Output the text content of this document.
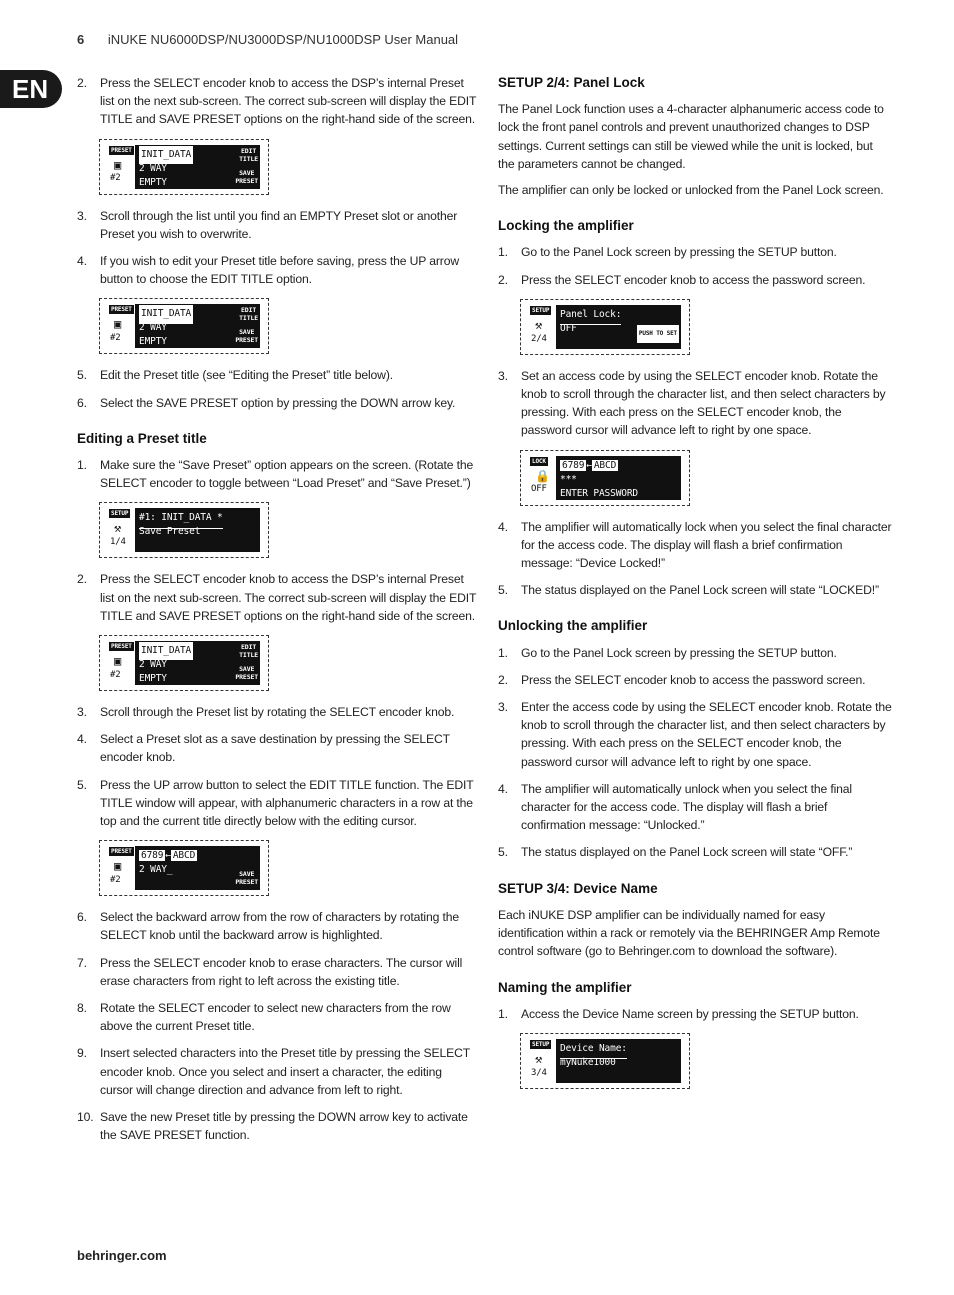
6 iNUKE NU6000DSP/NU3000DSP/NU1000DSP User Manual
EN	2.	Press the SELECT encoder knob to access the DSP’s internal Preset list on the next sub-screen. The correct sub-screen will display the EDIT TITLE and SAVE PRESET options on the right-hand side of the screen.
PRESET
▣
#2
INIT_DATA
2 WAY
EMPTY
EDIT
TITLE
SAVE
PRESET
3.	Scroll through the list until you find an EMPTY Preset slot or another Preset you wish to overwrite.
4.	If you wish to edit your Preset title before saving, press the UP arrow button to choose the EDIT TITLE option.
PRESET
▣
#2
INIT_DATA
2 WAY
EMPTY
EDIT
TITLE
SAVE
PRESET
5.	Edit the Preset title (see “Editing the Preset” title below).
6.	Select the SAVE PRESET option by pressing the DOWN arrow key.
Editing a Preset title
1.	Make sure the “Save Preset” option appears on the screen. (Rotate the SELECT encoder to toggle between “Load Preset” and “Save Preset.”)
SETUP
⚒
1/4
#1: INIT_DATA *
Save Preset
2.	Press the SELECT encoder knob to access the DSP’s internal Preset list on the next sub-screen. The correct sub-screen will display the EDIT TITLE and SAVE PRESET options on the right-hand side of the screen.
PRESET
▣
#2
INIT_DATA
2 WAY
EMPTY
EDIT
TITLE
SAVE
PRESET
3.	Scroll through the Preset list by rotating the SELECT encoder knob.
4.	Select a Preset slot as a save destination by pressing the SELECT encoder knob.
5.	Press the UP arrow button to select the EDIT TITLE function. The EDIT TITLE window will appear, with alphanumeric characters in a row at the top and the current title directly below with the editing cursor.
PRESET
▣
#2
6789 ← ABCD
2 WAY_	SAVE
PRESET
6.	Select the backward arrow from the row of characters by rotating the SELECT knob until the backward arrow is highlighted.
7.	Press the SELECT encoder knob to erase characters. The cursor will erase characters from right to left across the existing title.
8.	Rotate the SELECT encoder to select new characters from the row above the current Preset title.
9.	Insert selected characters into the Preset title by pressing the SELECT encoder knob. Once you select and insert a character, the editing cursor will change direction and advance from left to right.
10. Save the new Preset title by pressing the DOWN arrow key to activate the SAVE PRESET function.
SETUP 2/4: Panel Lock

The Panel Lock function uses a 4-character alphanumeric access code to lock the front panel controls and prevent unauthorized changes to DSP settings. Current settings can still be viewed while the unit is locked, but the parameters cannot be changed.

The amplifier can only be locked or unlocked from the Panel Lock screen.

Locking the amplifier
1.	Go to the Panel Lock screen by pressing the SETUP button.
2.	Press the SELECT encoder knob to access the password screen.
SETUP
⚒
2/4
Panel Lock:
OFF	PUSH TO SET
3.	Set an access code by using the SELECT encoder knob. Rotate the knob to scroll through the character list, and then select characters by pressing. With each press on the SELECT encoder knob, the password cursor will advance left to right by one space.
LOCK
🔒
OFF
6789 ← ABCD
***
ENTER PASSWORD
4.	The amplifier will automatically lock when you select the final character for the access code. The display will flash a brief confirmation message: “Device Locked!”
5.	The status displayed on the Panel Lock screen will state “LOCKED!”
Unlocking the amplifier
1.	Go to the Panel Lock screen by pressing the SETUP button.
2.	Press the SELECT encoder knob to access the password screen.
3.	Enter the access code by using the SELECT encoder knob. Rotate the knob to scroll through the character list, and then select characters by pressing. With each press on the SELECT encoder knob, the password cursor will advance left to right by one space.
4.	The amplifier will automatically unlock when you select the final character for the access code. The display will flash a brief confirmation message: “Unlocked.”
5.	The status displayed on the Panel Lock screen will state “OFF.”
SETUP 3/4: Device Name

Each iNUKE DSP amplifier can be individually named for easy identification within a rack or remotely via the BEHRINGER Amp Remote control software (go to Behringer.com to download the software).

Naming the amplifier
1.	Access the Device Name screen by pressing the SETUP button.
SETUP
⚒
3/4
Device Name:
myNuke1000
behringer.com
